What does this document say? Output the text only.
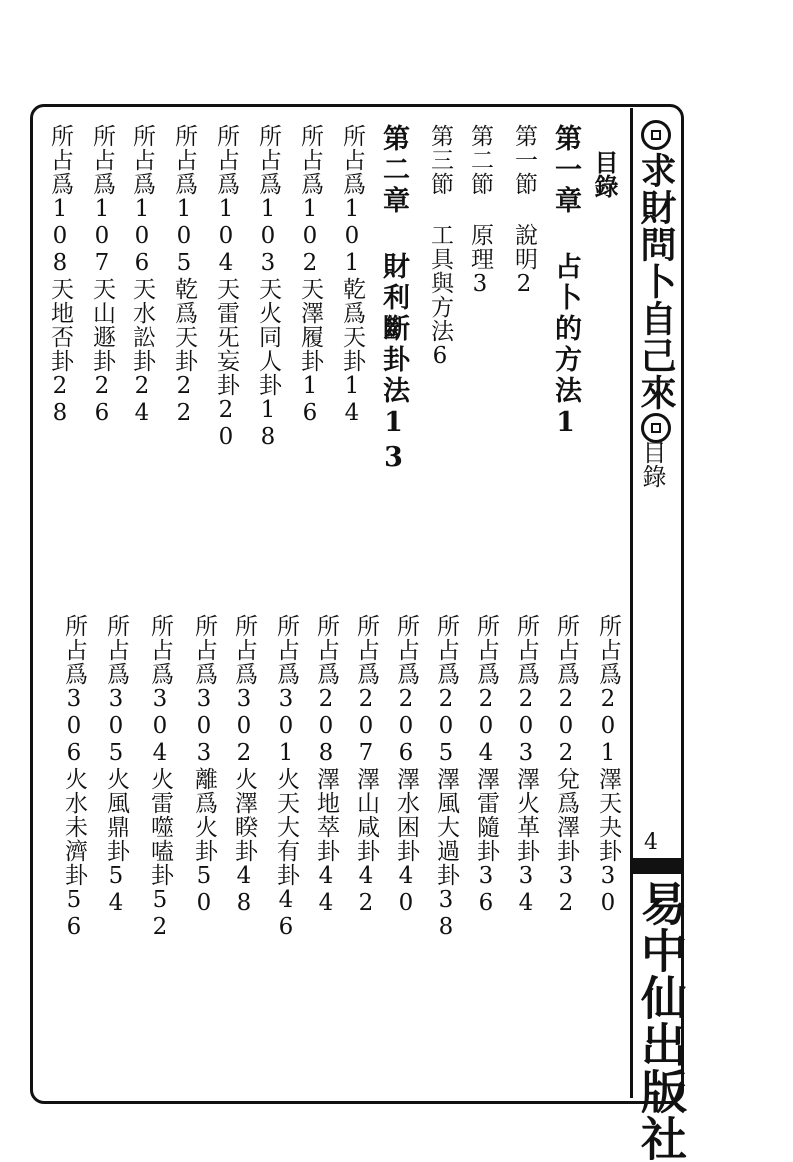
求財問卜自己來
目錄
4
易中仙出版社
目錄
第一章 占卜的方法1
第一節 說明2
第二節 原理3
第三節 工具與方法6
第二章 財利斷卦法13
所占爲101乾爲天卦14
所占爲102天澤履卦16
所占爲103天火同人卦18
所占爲104天雷旡妄卦20
所占爲105乾爲天卦22
所占爲106天水訟卦24
所占爲107天山遯卦26
所占爲108天地否卦28
所占爲201澤天夬卦30
所占爲202兌爲澤卦32
所占爲203澤火革卦34
所占爲204澤雷隨卦36
所占爲205澤風大過卦38
所占爲206澤水困卦40
所占爲207澤山咸卦42
所占爲208澤地萃卦44
所占爲301火天大有卦46
所占爲302火澤睽卦48
所占爲303離爲火卦50
所占爲304火雷噬嗑卦52
所占爲305火風鼎卦54
所占爲306火水未濟卦56
